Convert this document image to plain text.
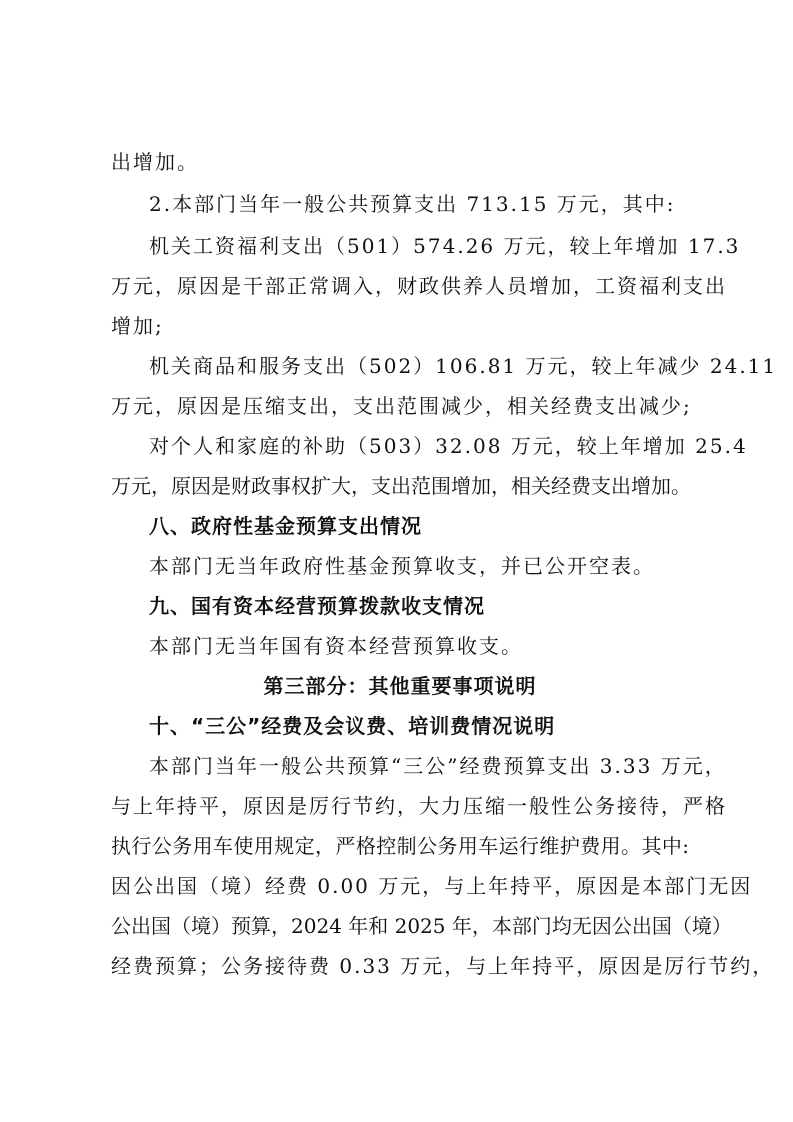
出增加。
2.本部门当年一般公共预算支出 713.15 万元，其中:
机关工资福利支出（501）574.26 万元，较上年增加 17.3
万元，原因是干部正常调入，财政供养人员增加，工资福利支出
增加;
机关商品和服务支出（502）106.81 万元，较上年减少 24.11
万元，原因是压缩支出，支出范围减少，相关经费支出减少;
对个人和家庭的补助（503）32.08 万元，较上年增加 25.4
万元，原因是财政事权扩大，支出范围增加，相关经费支出增加。
八、政府性基金预算支出情况
本部门无当年政府性基金预算收支，并已公开空表。
九、国有资本经营预算拨款收支情况
本部门无当年国有资本经营预算收支。
第三部分：其他重要事项说明
十、“三公”经费及会议费、培训费情况说明
本部门当年一般公共预算“三公”经费预算支出 3.33 万元，
与上年持平，原因是厉行节约，大力压缩一般性公务接待，严格
执行公务用车使用规定，严格控制公务用车运行维护费用。其中:
因公出国（境）经费 0.00 万元，与上年持平，原因是本部门无因
公出国（境）预算，2024 年和 2025 年，本部门均无因公出国（境）
经费预算；公务接待费 0.33 万元，与上年持平，原因是厉行节约，
